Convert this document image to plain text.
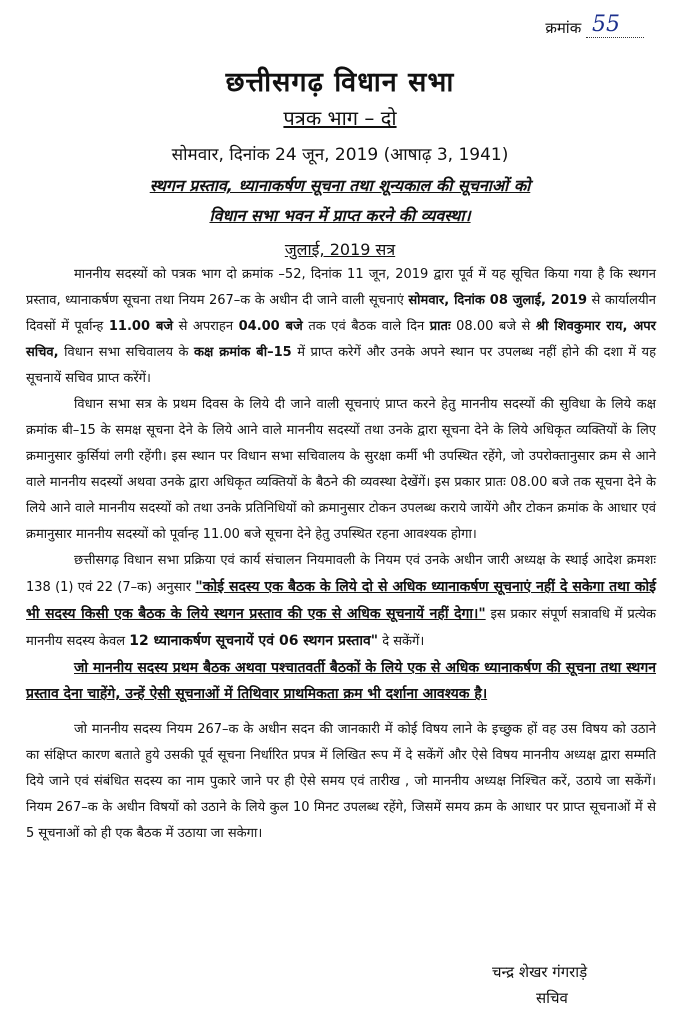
क्रमांक 55
छत्तीसगढ़ विधान सभा
पत्रक भाग – दो
सोमवार, दिनांक 24 जून, 2019 (आषाढ़ 3, 1941)
स्थगन प्रस्ताव, ध्यानाकर्षण सूचना तथा शून्यकाल की सूचनाओं को
विधान सभा भवन में प्राप्त करने की व्यवस्था।
जुलाई, 2019 सत्र

माननीय सदस्यों को पत्रक भाग दो क्रमांक –52, दिनांक 11 जून, 2019 द्वारा पूर्व में यह सूचित किया गया है कि स्थगन प्रस्ताव, ध्यानाकर्षण सूचना तथा नियम 267–क के अधीन दी जाने वाली सूचनाएं सोमवार, दिनांक 08 जुलाई, 2019 से कार्यालयीन दिवसों में पूर्वान्ह 11.00 बजे से अपराहन 04.00 बजे तक एवं बैठक वाले दिन प्रातः 08.00 बजे से श्री शिवकुमार राय, अपर सचिव, विधान सभा सचिवालय के कक्ष क्रमांक बी–15 में प्राप्त करेगें और उनके अपने स्थान पर उपलब्ध नहीं होने की दशा में यह सूचनायें सचिव प्राप्त करेंगें।

विधान सभा सत्र के प्रथम दिवस के लिये दी जाने वाली सूचनाएं प्राप्त करने हेतु माननीय सदस्यों की सुविधा के लिये कक्ष क्रमांक बी–15 के समक्ष सूचना देने के लिये आने वाले माननीय सदस्यों तथा उनके द्वारा सूचना देने के लिये अधिकृत व्यक्तियों के लिए क्रमानुसार कुर्सियां लगी रहेंगी। इस स्थान पर विधान सभा सचिवालय के सुरक्षा कर्मी भी उपस्थित रहेंगे, जो उपरोक्तानुसार क्रम से आने वाले माननीय सदस्यों अथवा उनके द्वारा अधिकृत व्यक्तियों के बैठने की व्यवस्था देखेंगें। इस प्रकार प्रातः 08.00 बजे तक सूचना देने के लिये आने वाले माननीय सदस्यों को तथा उनके प्रतिनिधियों को क्रमानुसार टोकन उपलब्ध कराये जायेंगे और टोकन क्रमांक के आधार एवं क्रमानुसार माननीय सदस्यों को पूर्वान्ह 11.00 बजे सूचना देने हेतु उपस्थित रहना आवश्यक होगा।

छत्तीसगढ़ विधान सभा प्रक्रिया एवं कार्य संचालन नियमावली के नियम एवं उनके अधीन जारी अध्यक्ष के स्थाई आदेश क्रमशः 138 (1) एवं 22 (7–क) अनुसार "कोई सदस्य एक बैठक के लिये दो से अधिक ध्यानाकर्षण सूचनाएं नहीं दे सकेगा तथा कोई भी सदस्य किसी एक बैठक के लिये स्थगन प्रस्ताव की एक से अधिक सूचनायें नहीं देगा।" इस प्रकार संपूर्ण सत्रावधि में प्रत्येक माननीय सदस्य केवल 12 ध्यानाकर्षण सूचनायें एवं 06 स्थगन प्रस्ताव" दे सकेंगें।

जो माननीय सदस्य प्रथम बैठक अथवा पश्चातवर्ती बैठकों के लिये एक से अधिक ध्यानाकर्षण की सूचना तथा स्थगन प्रस्ताव देना चाहेंगे, उन्हें ऐसी सूचनाओं में तिथिवार प्राथमिकता क्रम भी दर्शाना आवश्यक है।

जो माननीय सदस्य नियम 267–क के अधीन सदन की जानकारी में कोई विषय लाने के इच्छुक हों वह उस विषय को उठाने का संक्षिप्त कारण बताते हुये उसकी पूर्व सूचना निर्धारित प्रपत्र में लिखित रूप में दे सकेंगें और ऐसे विषय माननीय अध्यक्ष द्वारा सम्मति दिये जाने एवं संबंधित सदस्य का नाम पुकारे जाने पर ही ऐसे समय एवं तारीख , जो माननीय अध्यक्ष निश्चित करें, उठाये जा सकेंगें। नियम 267–क के अधीन विषयों को उठाने के लिये कुल 10 मिनट उपलब्ध रहेंगे, जिसमें समय क्रम के आधार पर प्राप्त सूचनाओं में से 5 सूचनाओं को ही एक बैठक में उठाया जा सकेगा।

चन्द्र शेखर गंगराड़े
सचिव
